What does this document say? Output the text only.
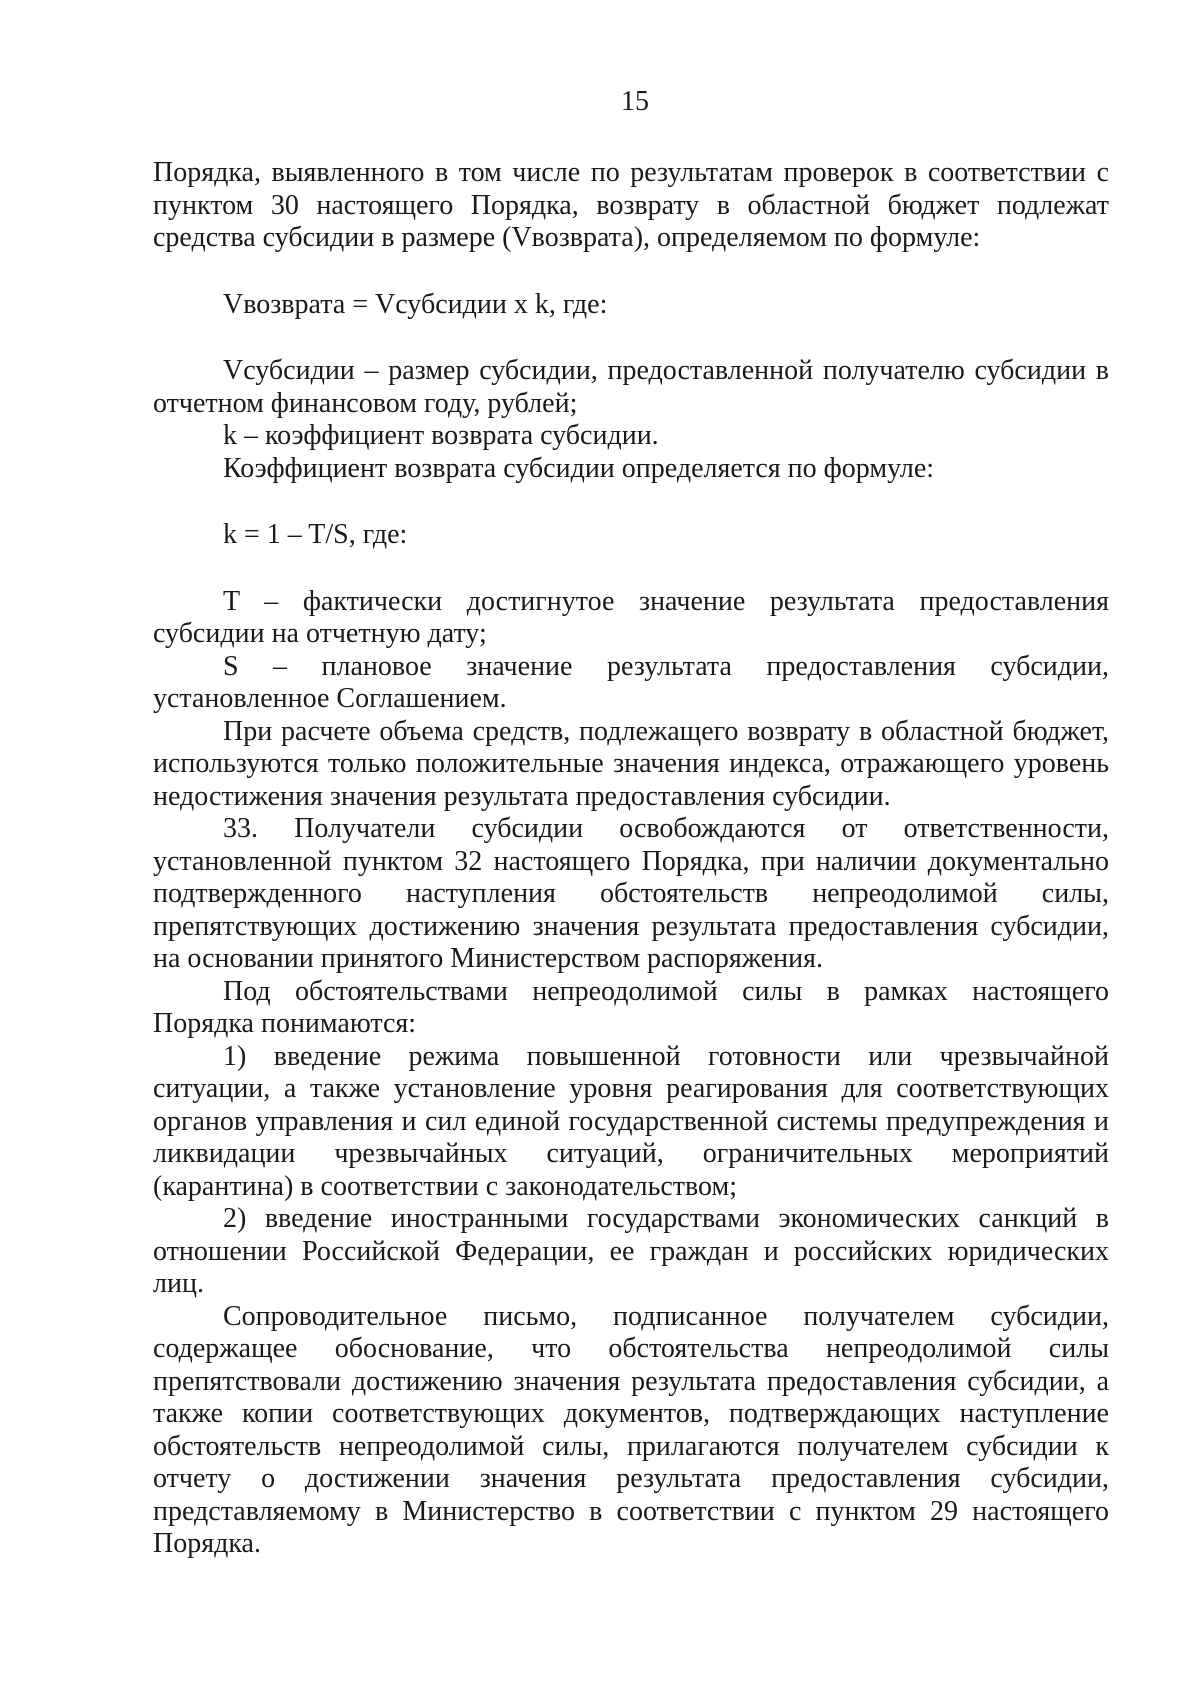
15

Порядка, выявленного в том числе по результатам проверок в соответствии с пунктом 30 настоящего Порядка, возврату в областной бюджет подлежат средства субсидии в размере (Vвозврата), определяемом по формуле:

Vвозврата = Vсубсидии x k, где:

Vсубсидии – размер субсидии, предоставленной получателю субсидии в отчетном финансовом году, рублей;

k – коэффициент возврата субсидии.

Коэффициент возврата субсидии определяется по формуле:

k = 1 – T/S, где:

T – фактически достигнутое значение результата предоставления субсидии на отчетную дату;

S – плановое значение результата предоставления субсидии, установленное Соглашением.

При расчете объема средств, подлежащего возврату в областной бюджет, используются только положительные значения индекса, отражающего уровень недостижения значения результата предоставления субсидии.

33. Получатели субсидии освобождаются от ответственности, установленной пунктом 32 настоящего Порядка, при наличии документально подтвержденного наступления обстоятельств непреодолимой силы, препятствующих достижению значения результата предоставления субсидии, на основании принятого Министерством распоряжения.

Под обстоятельствами непреодолимой силы в рамках настоящего Порядка понимаются:

1) введение режима повышенной готовности или чрезвычайной ситуации, а также установление уровня реагирования для соответствующих органов управления и сил единой государственной системы предупреждения и ликвидации чрезвычайных ситуаций, ограничительных мероприятий (карантина) в соответствии с законодательством;

2) введение иностранными государствами экономических санкций в отношении Российской Федерации, ее граждан и российских юридических лиц.

Сопроводительное письмо, подписанное получателем субсидии, содержащее обоснование, что обстоятельства непреодолимой силы препятствовали достижению значения результата предоставления субсидии, а также копии соответствующих документов, подтверждающих наступление обстоятельств непреодолимой силы, прилагаются получателем субсидии к отчету о достижении значения результата предоставления субсидии, представляемому в Министерство в соответствии с пунктом 29 настоящего Порядка.
